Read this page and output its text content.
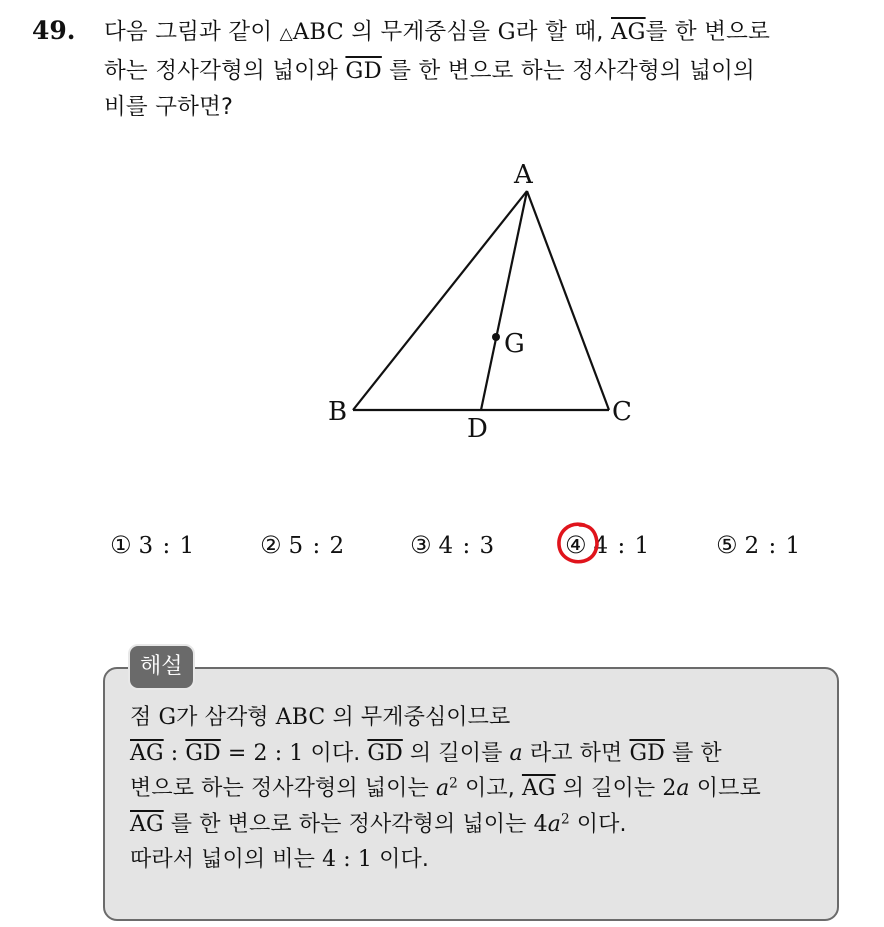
49. 다음 그림과 같이 △ABC 의 무게중심을 G라 할 때, $\overline{AG}$를 한 변으로
하는 정사각형의 넓이와 $\overline{GD}$ 를 한 변으로 하는 정사각형의 넓이의
비를 구하면?
A
B	C
D
G
① 3 : 1	② 5 : 2	③ 4 : 3	④ 4 : 1	⑤ 2 : 1
해설
점 G가 삼각형 ABC 의 무게중심이므로
$\overline{AG}$ : $\overline{GD} = 2$ : 1 이다. $\overline{GD}$ 의 길이를 a 라고 하면 $\overline{GD}$ 를 한
변으로 하는 정사각형의 넓이는 $a^2$ 이고, $\overline{AG}$ 의 길이는 2a 이므로
$\overline{AG}$ 를 한 변으로 하는 정사각형의 넓이는 $4a^2$ 이다.
따라서 넓이의 비는 4 : 1 이다.
